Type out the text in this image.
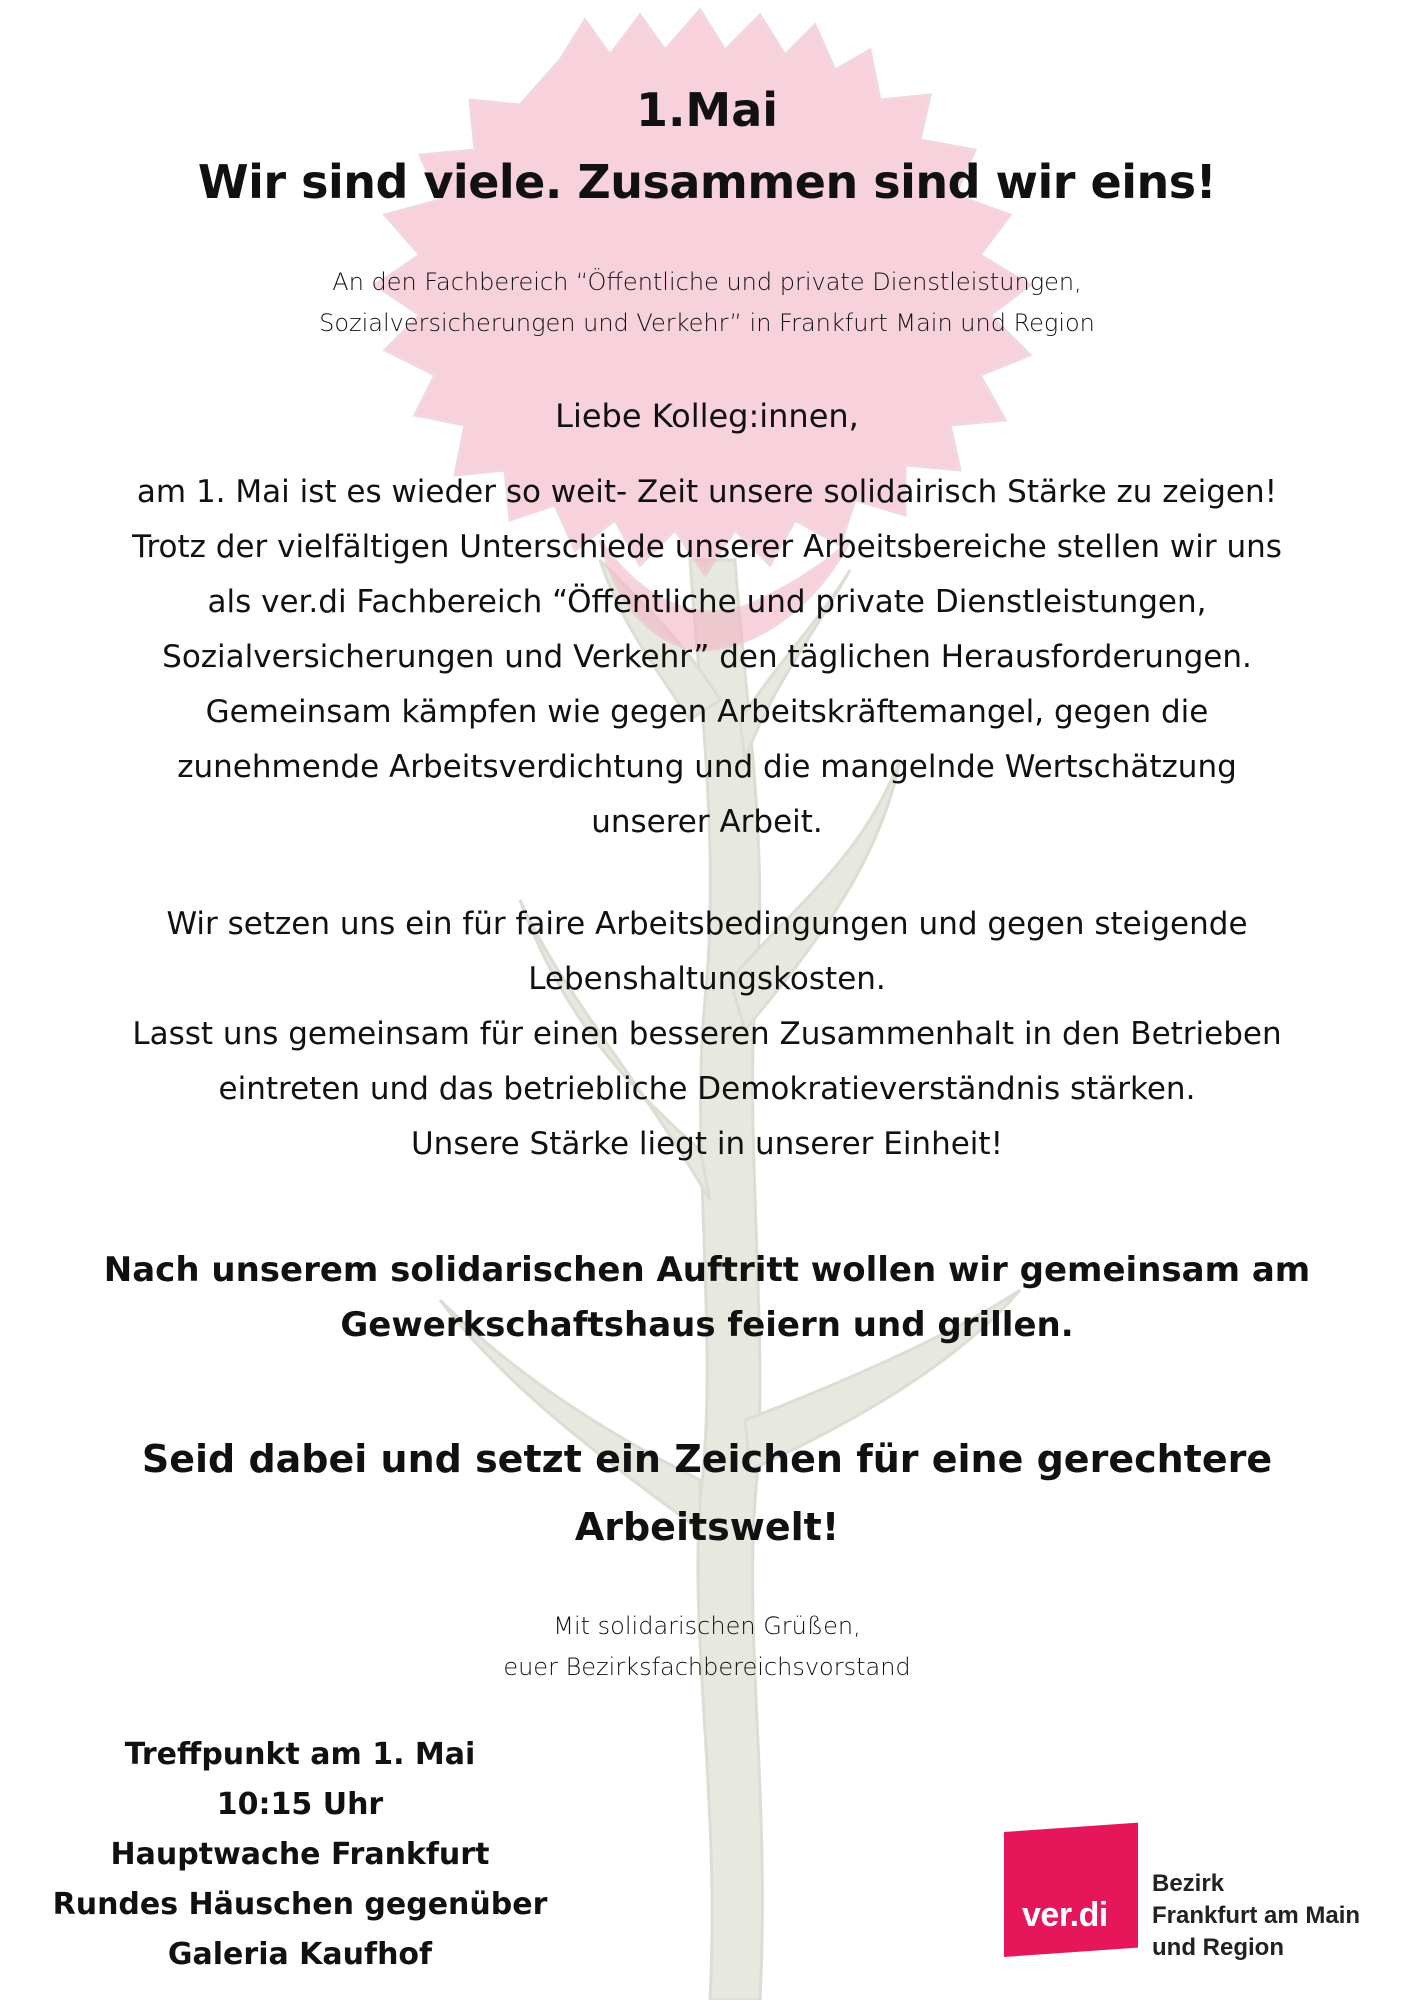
1.Mai
Wir sind viele. Zusammen sind wir eins!
An den Fachbereich “Öffentliche und private Dienstleistungen,
Sozialversicherungen und Verkehr” in Frankfurt Main und Region
Liebe Kolleg:innen,
am 1. Mai ist es wieder so weit- Zeit unsere solidairisch Stärke zu zeigen!
Trotz der vielfältigen Unterschiede unserer Arbeitsbereiche stellen wir uns
als ver.di Fachbereich “Öffentliche und private Dienstleistungen,
Sozialversicherungen und Verkehr” den täglichen Herausforderungen.
Gemeinsam kämpfen wie gegen Arbeitskräftemangel, gegen die
zunehmende Arbeitsverdichtung und die mangelnde Wertschätzung
unserer Arbeit.
Wir setzen uns ein für faire Arbeitsbedingungen und gegen steigende
Lebenshaltungskosten.
Lasst uns gemeinsam für einen besseren Zusammenhalt in den Betrieben
eintreten und das betriebliche Demokratieverständnis stärken.
Unsere Stärke liegt in unserer Einheit!
Nach unserem solidarischen Auftritt wollen wir gemeinsam am
Gewerkschaftshaus feiern und grillen.
Seid dabei und setzt ein Zeichen für eine gerechtere
Arbeitswelt!
Mit solidarischen Grüßen,
euer Bezirksfachbereichsvorstand
Treffpunkt am 1. Mai
10:15 Uhr
Hauptwache Frankfurt
Rundes Häuschen gegenüber
Galeria Kaufhof
ver.di
Bezirk
Frankfurt am Main
und Region
